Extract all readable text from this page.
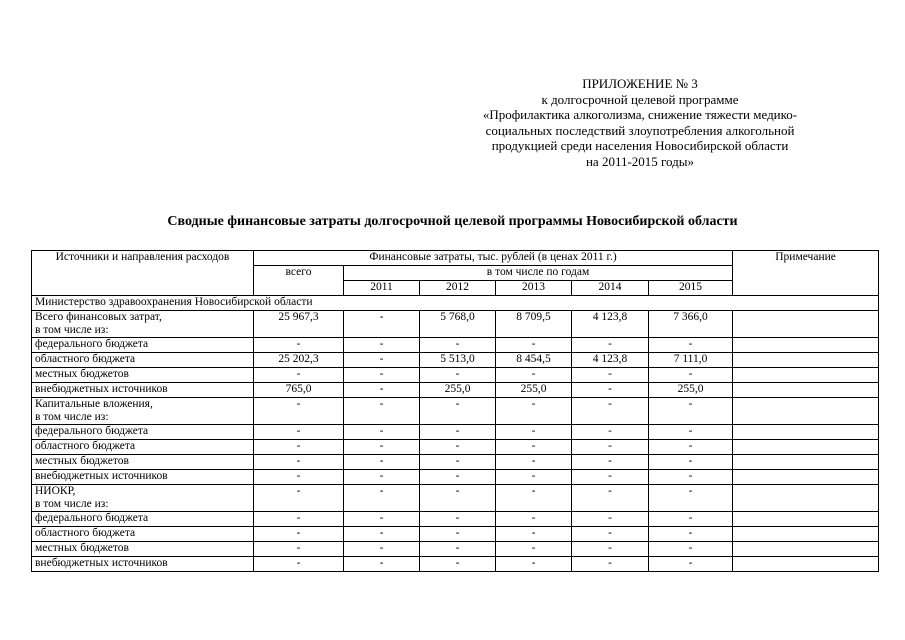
ПРИЛОЖЕНИЕ № 3
к долгосрочной целевой программе
«Профилактика алкоголизма, снижение тяжести медико-
социальных последствий злоупотребления алкогольной
продукцией среди населения Новосибирской области
на 2011-2015 годы»
Сводные финансовые затраты долгосрочной целевой программы Новосибирской области
Источники и направления расходов	Финансовые затраты, тыс. рублей (в ценах 2011 г.)						Примечание
	всего	в том числе по годам					
		2011	2012	2013	2014	2015	
Министерство здравоохранения Новосибирской области							

Всего финансовых затрат,
в том числе из:	25 967,3	-	5 768,0	8 709,5	4 123,8	7 366,0	

федерального бюджета	-	-	-	-	-	-	

областного бюджета	25 202,3	-	5 513,0	8 454,5	4 123,8	7 111,0	

местных бюджетов	-	-	-	-	-	-	

внебюджетных источников	765,0	-	255,0	255,0	-	255,0	

Капитальные вложения,
в том числе из:	-	-	-	-	-	-	

федерального бюджета	-	-	-	-	-	-	

областного бюджета	-	-	-	-	-	-	

местных бюджетов	-	-	-	-	-	-	

внебюджетных источников	-	-	-	-	-	-	

НИОКР,
в том числе из:	-	-	-	-	-	-	

федерального бюджета	-	-	-	-	-	-	

областного бюджета	-	-	-	-	-	-	

местных бюджетов	-	-	-	-	-	-	

внебюджетных источников	-	-	-	-	-	-	
